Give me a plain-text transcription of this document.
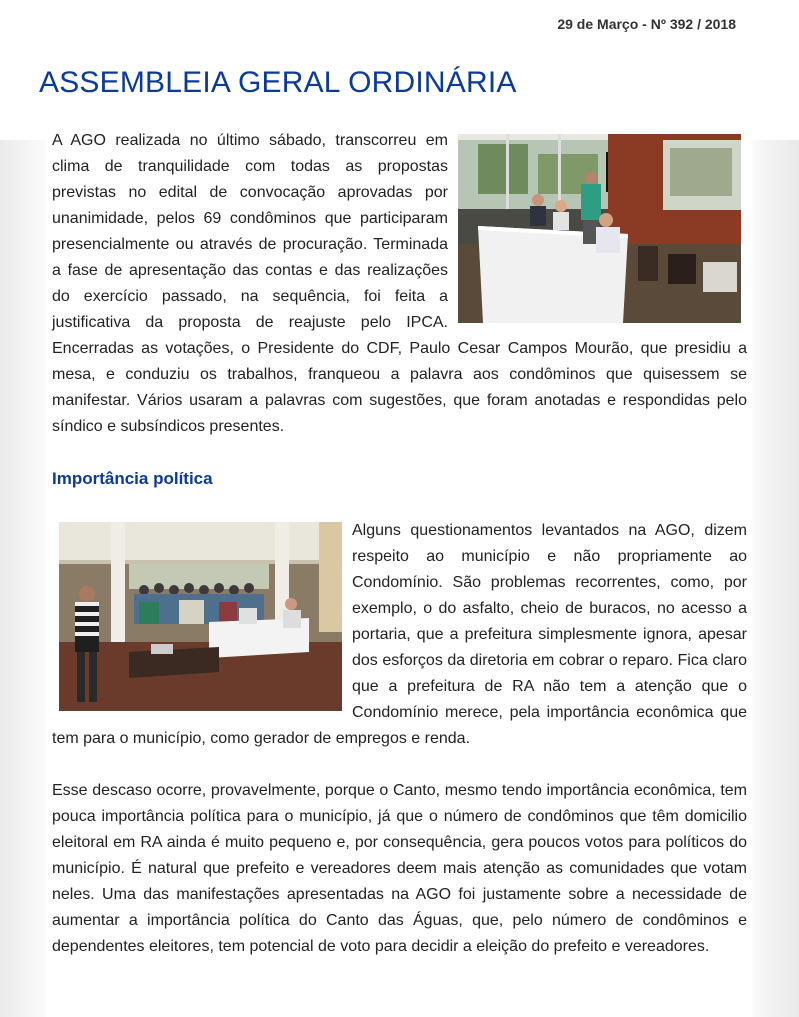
29 de Março - Nº 392 / 2018
ASSEMBLEIA GERAL ORDINÁRIA

A AGO realizada no último sábado, transcorreu em clima de tranquilidade com todas as propostas previstas no edital de convocação aprovadas por unanimidade, pelos 69 condôminos que participaram presencialmente ou através de procuração. Terminada a fase de apresentação das contas e das realizações do exercício passado, na sequência, foi feita a justificativa da proposta de reajuste pelo IPCA. Encerradas as votações, o Presidente do CDF, Paulo Cesar Campos Mourão, que presidiu a mesa, e conduziu os trabalhos, franqueou a palavra aos condôminos que quisessem se manifestar. Vários usaram a palavras com sugestões, que foram anotadas e respondidas pelo síndico e subsíndicos presentes.

Importância política

Alguns questionamentos levantados na AGO, dizem respeito ao município e não propriamente ao Condomínio. São problemas recorrentes, como, por exemplo, o do asfalto, cheio de buracos, no acesso a portaria, que a prefeitura simplesmente ignora, apesar dos esforços da diretoria em cobrar o reparo. Fica claro que a prefeitura de RA não tem a atenção que o Condomínio merece, pela importância econômica que tem para o município, como gerador de empregos e renda.

Esse descaso ocorre, provavelmente, porque o Canto, mesmo tendo importância econômica, tem pouca importância política para o município, já que o número de condôminos que têm domicilio eleitoral em RA ainda é muito pequeno e, por consequência, gera poucos votos para políticos do município. É natural que prefeito e vereadores deem mais atenção as comunidades que votam neles. Uma das manifestações apresentadas na AGO foi justamente sobre a necessidade de aumentar a importância política do Canto das Águas, que, pelo número de condôminos e dependentes eleitores, tem potencial de voto para decidir a eleição do prefeito e vereadores.
